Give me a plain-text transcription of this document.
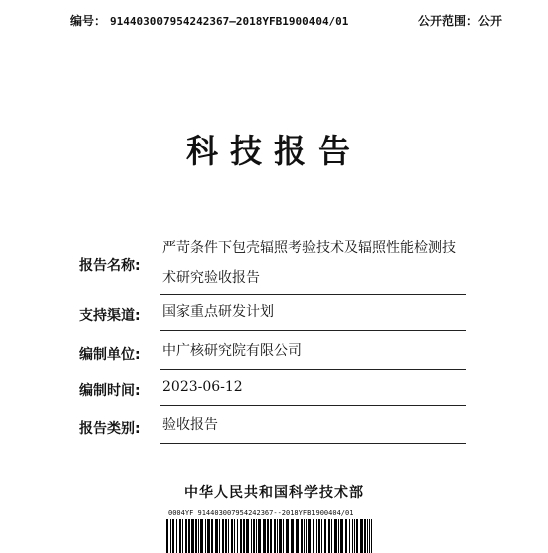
编号： 9144030079542423​67—2018YFB1900404/01	公开范围：公开
科技报告
报告名称:
严苛条件下包壳辐照考验技术及辐照性能检测技
术研究验收报告
支持渠道:	国家重点研发计划
编制单位:	中广核研究院有限公司
编制时间:	2023-06-12
报告类别:	验收报告
中华人民共和国科学技术部
0004YF 914403007954242367--2018YFB1900404/01
